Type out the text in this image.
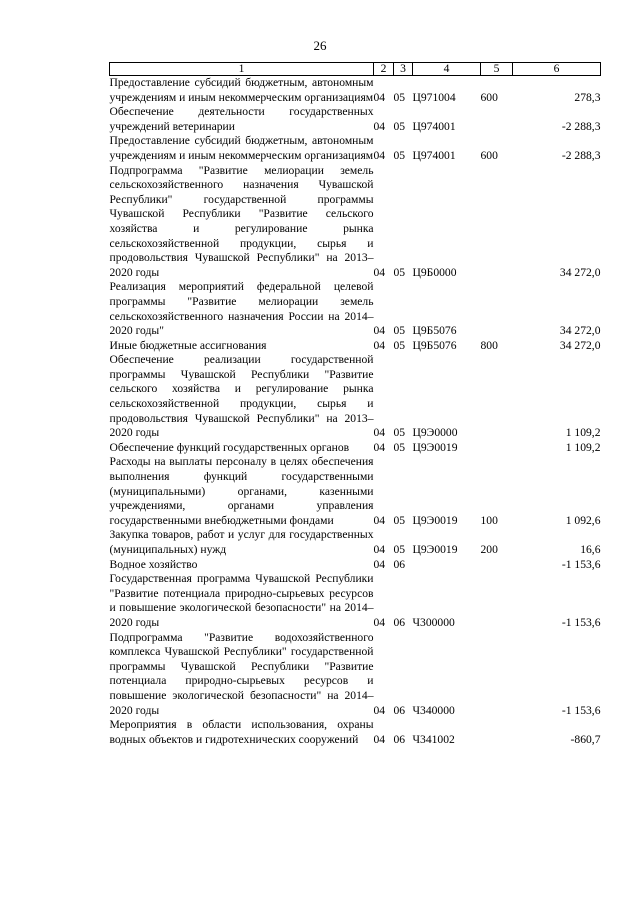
26
1	2	3	4	5	6
Предоставление субсидий бюджетным, автономным учреждениям и иным некоммерческим организациям	04	05	Ц971004	600	278,3
Обеспечение деятельности государственных учреждений ветеринарии	04	05	Ц974001		-2 288,3
Предоставление субсидий бюджетным, автономным учреждениям и иным некоммерческим организациям	04	05	Ц974001	600	-2 288,3
Подпрограмма "Развитие мелиорации земель сельскохозяйственного назначения Чувашской Республики" государственной программы Чувашской Республики "Развитие сельского хозяйства и регулирование рынка сельскохозяйственной продукции, сырья и продовольствия Чувашской Республики" на 2013–2020 годы	04	05	Ц9Б0000		34 272,0
Реализация мероприятий федеральной целевой программы "Развитие мелиорации земель сельскохозяйственного назначения России на 2014–2020 годы"	04	05	Ц9Б5076		34 272,0
Иные бюджетные ассигнования	04	05	Ц9Б5076	800	34 272,0
Обеспечение реализации государственной программы Чувашской Республики "Развитие сельского хозяйства и регулирование рынка сельскохозяйственной продукции, сырья и продовольствия Чувашской Республики" на 2013–2020 годы	04	05	Ц9Э0000		1 109,2
Обеспечение функций государственных органов	04	05	Ц9Э0019		1 109,2
Расходы на выплаты персоналу в целях обеспечения выполнения функций государственными (муниципальными) органами, казенными учреждениями, органами управления государственными внебюджетными фондами	04	05	Ц9Э0019	100	1 092,6
Закупка товаров, работ и услуг для государственных (муниципальных) нужд	04	05	Ц9Э0019	200	16,6
Водное хозяйство	04	06			-1 153,6
Государственная программа Чувашской Республики "Развитие потенциала природно-сырьевых ресурсов и повышение экологической безопасности" на 2014–2020 годы	04	06	Ч300000		-1 153,6
Подпрограмма "Развитие водохозяйственного комплекса Чувашской Республики" государственной программы Чувашской Республики "Развитие потенциала природно-сырьевых ресурсов и повышение экологической безопасности" на 2014–2020 годы	04	06	Ч340000		-1 153,6
Мероприятия в области использования, охраны водных объектов и гидротехнических сооружений	04	06	Ч341002		-860,7
